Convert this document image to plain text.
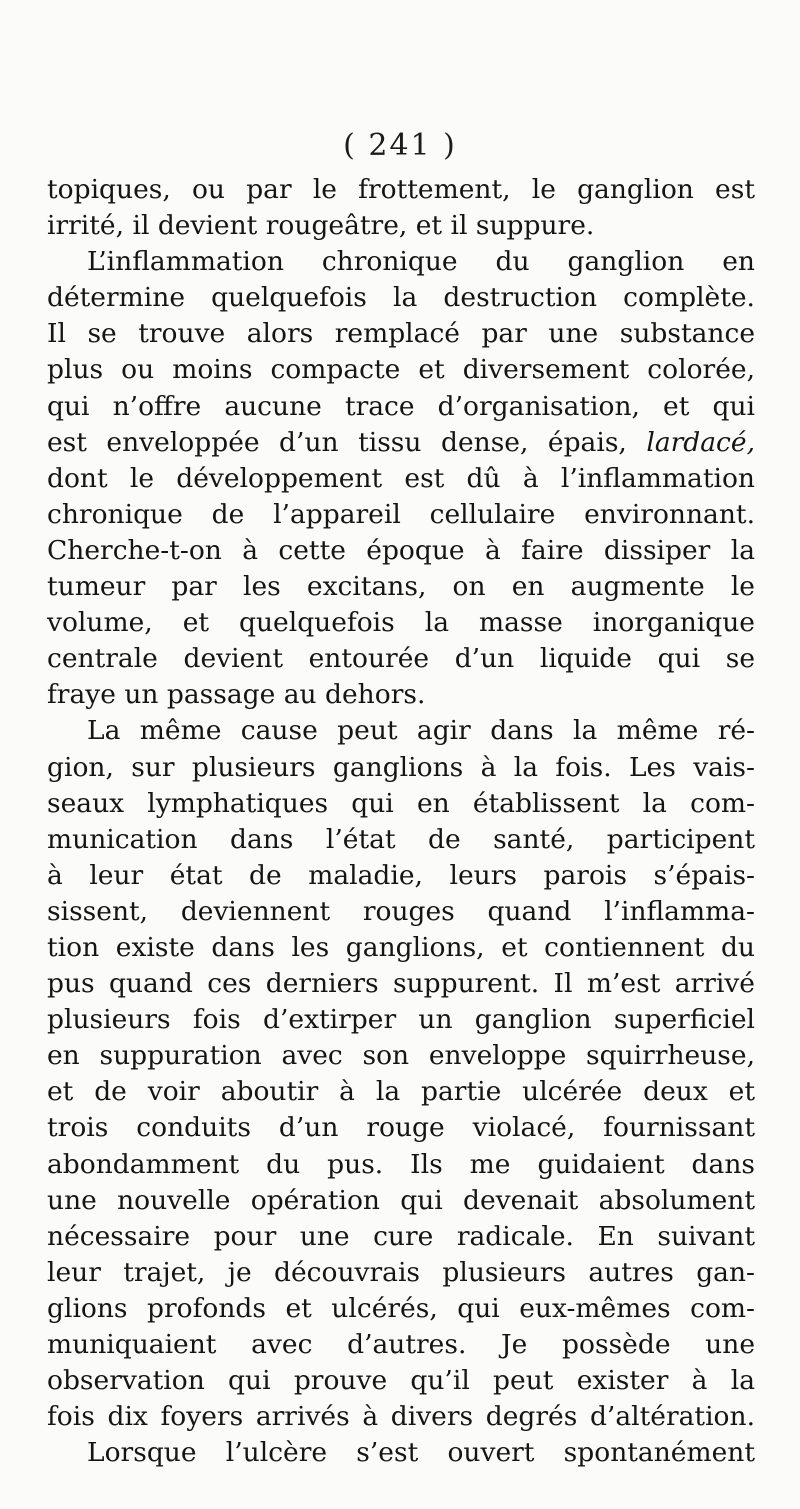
( 241 )
topiques, ou par le frottement, le ganglion est
irrité, il devient rougeâtre, et il suppure.
L’inflammation chronique du ganglion en
détermine quelquefois la destruction complète.
Il se trouve alors remplacé par une substance
plus ou moins compacte et diversement colorée,
qui n’offre aucune trace d’organisation, et qui
est enveloppée d’un tissu dense, épais, lardacé,
dont le développement est dû à l’inflammation
chronique de l’appareil cellulaire environnant.
Cherche-t-on à cette époque à faire dissiper la
tumeur par les excitans, on en augmente le
volume, et quelquefois la masse inorganique
centrale devient entourée d’un liquide qui se
fraye un passage au dehors.
La même cause peut agir dans la même ré-
gion, sur plusieurs ganglions à la fois. Les vais-
seaux lymphatiques qui en établissent la com-
munication dans l’état de santé, participent
à leur état de maladie, leurs parois s’épais-
sissent, deviennent rouges quand l’inflamma-
tion existe dans les ganglions, et contiennent du
pus quand ces derniers suppurent. Il m’est arrivé
plusieurs fois d’extirper un ganglion superficiel
en suppuration avec son enveloppe squirrheuse,
et de voir aboutir à la partie ulcérée deux et
trois conduits d’un rouge violacé, fournissant
abondamment du pus. Ils me guidaient dans
une nouvelle opération qui devenait absolument
nécessaire pour une cure radicale. En suivant
leur trajet, je découvrais plusieurs autres gan-
glions profonds et ulcérés, qui eux-mêmes com-
muniquaient avec d’autres. Je possède une
observation qui prouve qu’il peut exister à la
fois dix foyers arrivés à divers degrés d’altération.
Lorsque l’ulcère s’est ouvert spontanément
